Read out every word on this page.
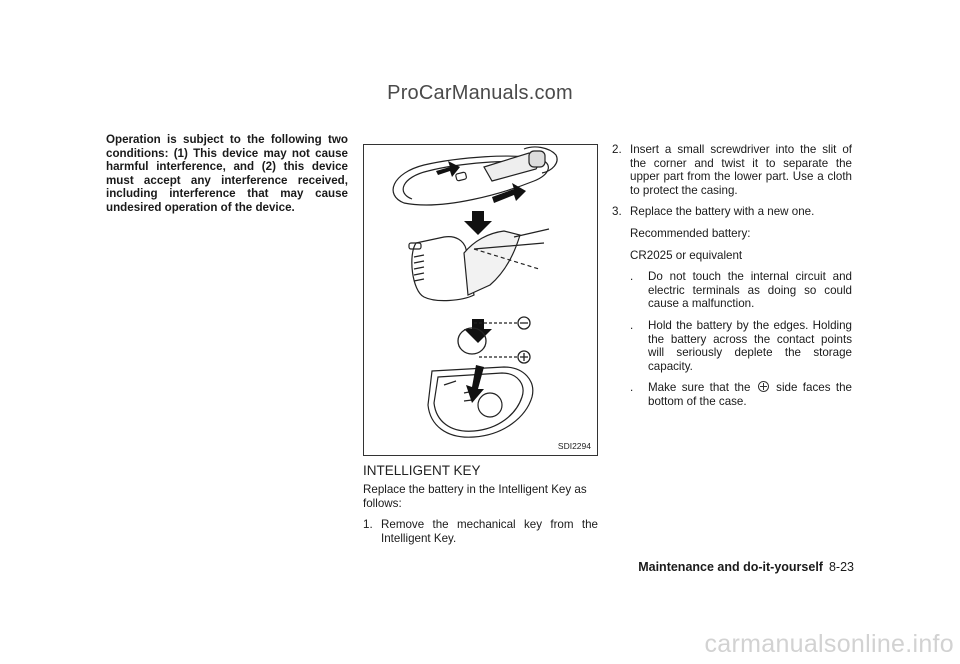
ProCarManuals.com
Operation is subject to the following two conditions: (1) This device may not cause harmful interference, and (2) this device must accept any interference received, including interference that may cause undesired operation of the device.
SDI2294
INTELLIGENT KEY

Replace the battery in the Intelligent Key as follows:

1. Remove the mechanical key from the Intelligent Key.
2. Insert a small screwdriver into the slit of the corner and twist it to separate the upper part from the lower part. Use a cloth to protect the casing.
3. Replace the battery with a new one.
Recommended battery:
CR2025 or equivalent
.	Do not touch the internal circuit and electric terminals as doing so could cause a malfunction.
.	Hold the battery by the edges. Holding the battery across the contact points will seriously deplete the storage capacity.
.	Make sure that the side faces the bottom of the case.
Maintenance and do-it-yourself 8-23
carmanualsonline.info
